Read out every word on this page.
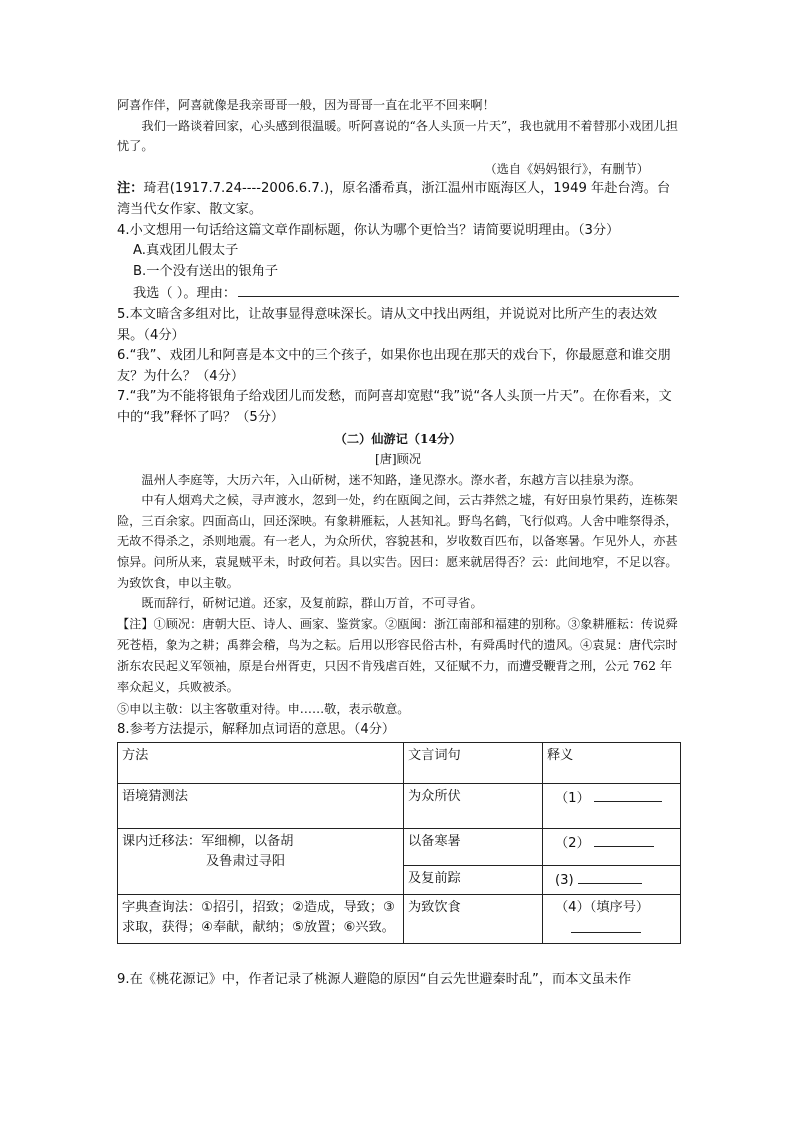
阿喜作伴，阿喜就像是我亲哥哥一般，因为哥哥一直在北平不回来啊！

我们一路谈着回家，心头感到很温暖。听阿喜说的“各人头顶一片天”，我也就用不着替那小戏团儿担忧了。

（选自《妈妈银行》，有删节）

注：琦君(1917.7.24----2006.6.7.)，原名潘希真，浙江温州市瓯海区人，1949 年赴台湾。台湾当代女作家、散文家。

4.小文想用一句话给这篇文章作副标题，你认为哪个更恰当？请简要说明理由。（3分）

A.真戏团儿假太子

B.一个没有送出的银角子

我选（ ）。理由：

5.本文暗含多组对比，让故事显得意味深长。请从文中找出两组，并说说对比所产生的表达效果。（4分）

6.“我”、戏团儿和阿喜是本文中的三个孩子，如果你也出现在那天的戏台下，你最愿意和谁交朋友？为什么？（4分）

7.“我”为不能将银角子给戏团儿而发愁，而阿喜却宽慰“我”说“各人头顶一片天”。在你看来，文中的“我”释怀了吗？（5分）

（二）仙游记（14分）

[唐]顾况

温州人李庭等，大历六年，入山斫树，迷不知路，逢见漈水。漈水者，东越方言以挂泉为漈。

中有人烟鸡犬之候，寻声渡水，忽到一处，约在瓯闽之间，云古莽然之墟，有好田泉竹果药，连栋架险，三百余家。四面高山，回还深映。有象耕雁耘，人甚知礼。野鸟名鹤，飞行似鸡。人舍中唯祭得杀，无故不得杀之，杀则地震。有一老人，为众所伏，容貌甚和，岁收数百匹布，以备寒暑。乍见外人，亦甚惊异。问所从来，袁晁贼平未，时政何若。具以实告。因曰：愿来就居得否？云：此间地窄，不足以容。为致饮食，申以主敬。

既而辞行，斫树记道。还家，及复前踪，群山万首，不可寻省。

【注】①顾况：唐朝大臣、诗人、画家、鉴赏家。②瓯闽：浙江南部和福建的别称。③象耕雁耘：传说舜死苍梧，象为之耕；禹葬会稽，鸟为之耘。后用以形容民俗古朴，有舜禹时代的遗风。④袁晁：唐代宗时浙东农民起义军领袖，原是台州胥吏，只因不肯残虐百姓，又征赋不力，而遭受鞭背之刑，公元 762 年率众起义，兵败被杀。

⑤申以主敬：以主客敬重对待。申……敬，表示敬意。

8.参考方法提示，解释加点词语的意思。（4分）

方法	文言词句	释义
语境猜测法	为众所伏	（1）

课内迁移法：军细柳，以备胡
及鲁肃过寻阳	以备寒暑	（2）
	及复前踪	(3)
字典查询法：①招引，招致；②造成，导致；③求取，获得；④奉献，献纳；⑤放置；⑥兴致。	为致饮食	（4）（填序号）

9.在《桃花源记》中，作者记录了桃源人避隐的原因“自云先世避秦时乱”，而本文虽未作
